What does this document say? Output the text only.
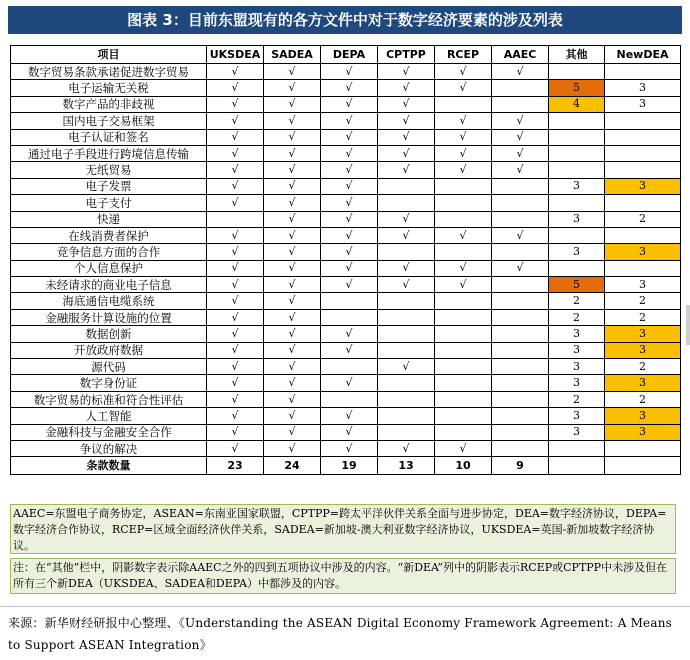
图表 3：目前东盟现有的各方文件中对于数字经济要素的涉及列表
项目	UKSDEA	SADEA	DEPA	CPTPP	RCEP	AAEC	其他	NewDEA
数字贸易条款承诺促进数字贸易	√	√	√	√	√	√		
电子运输无关税	√	√	√	√	√		5	3
数字产品的非歧视	√	√	√	√			4	3
国内电子交易框架	√	√	√	√	√	√		
电子认证和签名	√	√	√	√	√	√		
通过电子手段进行跨境信息传输	√	√	√	√	√	√		
无纸贸易	√	√	√	√	√	√		
电子发票	√	√	√				3	3
电子支付	√	√	√					
快递		√	√	√			3	2
在线消费者保护	√	√	√	√	√	√		
竞争信息方面的合作	√	√	√				3	3
个人信息保护	√	√	√	√	√	√		
未经请求的商业电子信息	√	√	√	√	√		5	3
海底通信电缆系统	√	√					2	2
金融服务计算设施的位置	√	√					2	2
数据创新	√	√	√				3	3
开放政府数据	√	√	√				3	3
源代码	√	√		√			3	2
数字身份证	√	√	√				3	3
数字贸易的标准和符合性评估	√	√					2	2
人工智能	√	√	√				3	3
金融科技与金融安全合作	√	√	√				3	3
争议的解决	√	√	√	√	√			
条款数量	23	24	19	13	10	9		
AAEC=东盟电子商务协定，ASEAN=东南亚国家联盟，CPTPP=跨太平洋伙伴关系全面与进步协定，DEA=数字经济协议，DEPA=数字经济合作协议，RCEP=区域全面经济伙伴关系，SADEA=新加坡-澳大利亚数字经济协议，UKSDEA=英国-新加坡数字经济协议。
注：在“其他”栏中，阴影数字表示除AAEC之外的四到五项协议中涉及的内容。“新DEA”列中的阴影表示RCEP或CPTPP中未涉及但在所有三个新DEA（UKSDEA、SADEA和DEPA）中都涉及的内容。
来源：新华财经研报中心整理、《Understanding the ASEAN Digital Economy Framework Agreement: A Means to Support ASEAN Integration》
